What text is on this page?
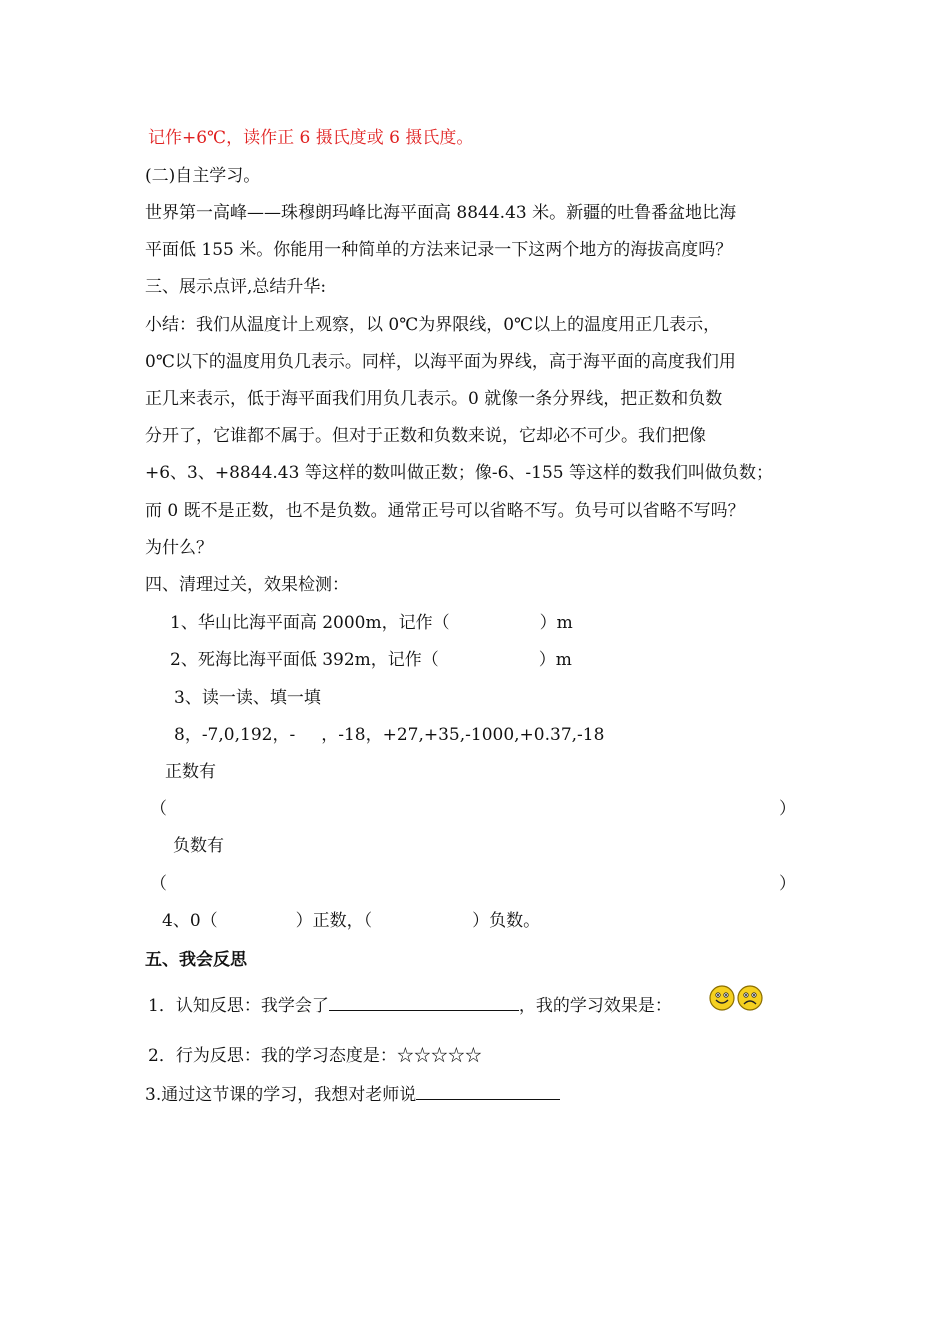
记作+6℃，读作正 6 摄氏度或 6 摄氏度。
(二)自主学习。
世界第一高峰——珠穆朗玛峰比海平面高 8844.43 米。新疆的吐鲁番盆地比海
平面低 155 米。你能用一种简单的方法来记录一下这两个地方的海拔高度吗？
三、展示点评,总结升华:
小结：我们从温度计上观察，以 0℃为界限线，0℃以上的温度用正几表示，
0℃以下的温度用负几表示。同样，以海平面为界线，高于海平面的高度我们用
正几来表示，低于海平面我们用负几表示。0 就像一条分界线，把正数和负数
分开了，它谁都不属于。但对于正数和负数来说，它却必不可少。我们把像
+6、3、+8844.43 等这样的数叫做正数；像-6、-155 等这样的数我们叫做负数；
而 0 既不是正数，也不是负数。通常正号可以省略不写。负号可以省略不写吗？
为什么？
四、清理过关，效果检测：
1、华山比海平面高 2000m，记作（	）m
2、死海比海平面低 392m，记作（	）m
3、读一读、填一填
8，-7,0,192，- ，-18，+27,+35,-1000,+0.37,-18
正数有
（	）
负数有
（	）
4、0（	）正数，（	）负数。
五、我会反思
1．认知反思：我学会了	，我的学习效果是：
2．行为反思：我的学习态度是：☆☆☆☆☆
3.通过这节课的学习，我想对老师说
